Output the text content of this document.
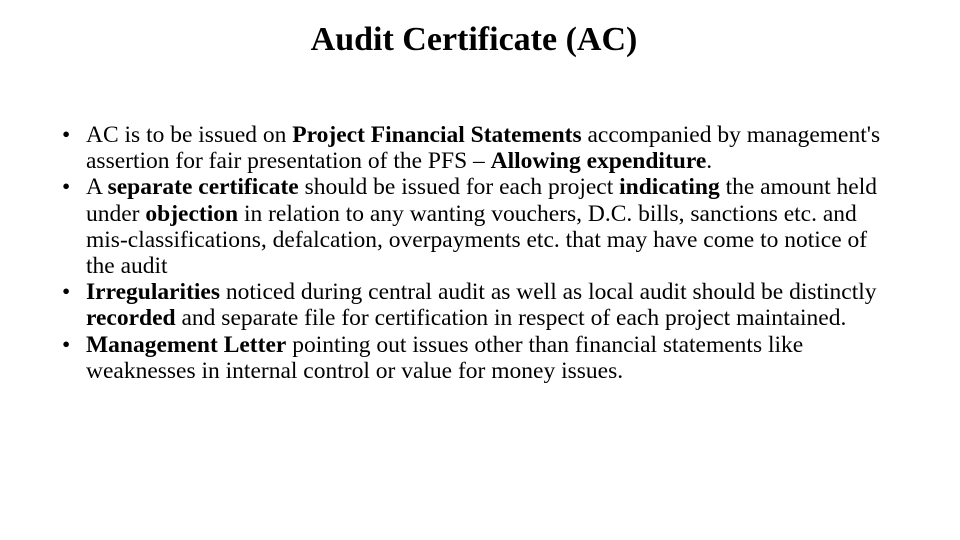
Audit Certificate (AC)
• AC is to be issued on Project Financial Statements accompanied by management's assertion for fair presentation of the PFS – Allowing expenditure.
• A separate certificate should be issued for each project indicating the amount held under objection in relation to any wanting vouchers, D.C. bills, sanctions etc. and mis-classifications, defalcation, overpayments etc. that may have come to notice of the audit
• Irregularities noticed during central audit as well as local audit should be distinctly recorded and separate file for certification in respect of each project maintained.
• Management Letter pointing out issues other than financial statements like weaknesses in internal control or value for money issues.
